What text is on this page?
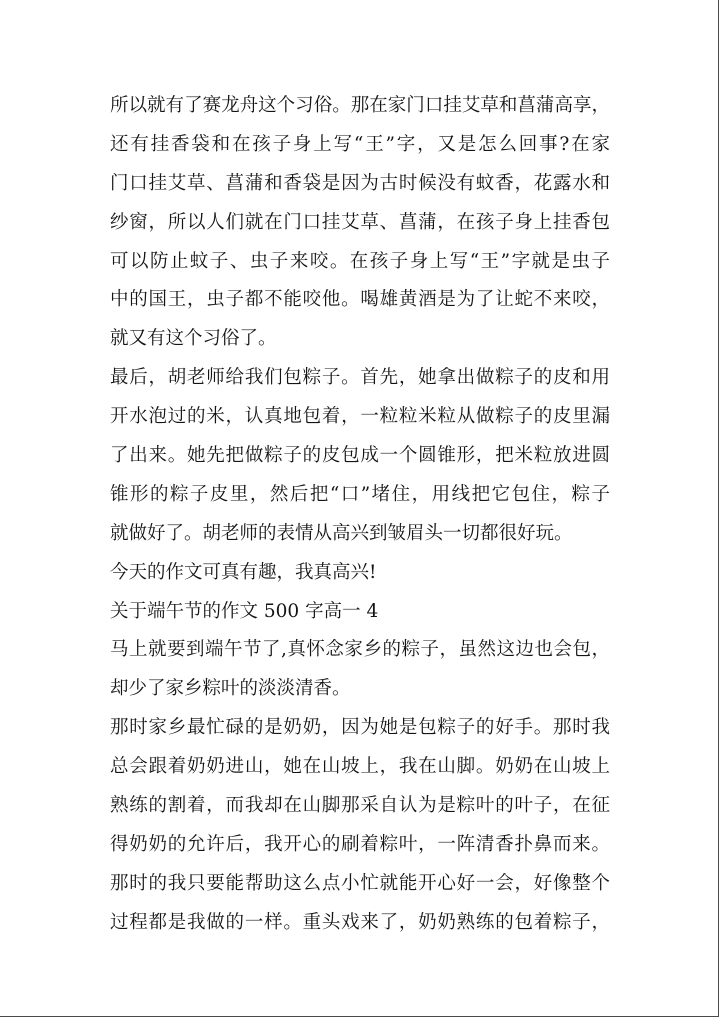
所以就有了赛龙舟这个习俗。那在家门口挂艾草和菖蒲高享，
还有挂香袋和在孩子身上写“王”字，又是怎么回事?在家
门口挂艾草、菖蒲和香袋是因为古时候没有蚊香，花露水和
纱窗，所以人们就在门口挂艾草、菖蒲，在孩子身上挂香包
可以防止蚊子、虫子来咬。在孩子身上写“王”字就是虫子
中的国王，虫子都不能咬他。喝雄黄酒是为了让蛇不来咬，
就又有这个习俗了。
最后，胡老师给我们包粽子。首先，她拿出做粽子的皮和用
开水泡过的米，认真地包着，一粒粒米粒从做粽子的皮里漏
了出来。她先把做粽子的皮包成一个圆锥形，把米粒放进圆
锥形的粽子皮里，然后把“口”堵住，用线把它包住，粽子
就做好了。胡老师的表情从高兴到皱眉头一切都很好玩。
今天的作文可真有趣，我真高兴!
关于端午节的作文 500 字高一 4
马上就要到端午节了,真怀念家乡的粽子，虽然这边也会包，
却少了家乡粽叶的淡淡清香。
那时家乡最忙碌的是奶奶，因为她是包粽子的好手。那时我
总会跟着奶奶进山，她在山坡上，我在山脚。奶奶在山坡上
熟练的割着，而我却在山脚那采自认为是粽叶的叶子，在征
得奶奶的允许后，我开心的刷着粽叶，一阵清香扑鼻而来。
那时的我只要能帮助这么点小忙就能开心好一会，好像整个
过程都是我做的一样。重头戏来了，奶奶熟练的包着粽子，
